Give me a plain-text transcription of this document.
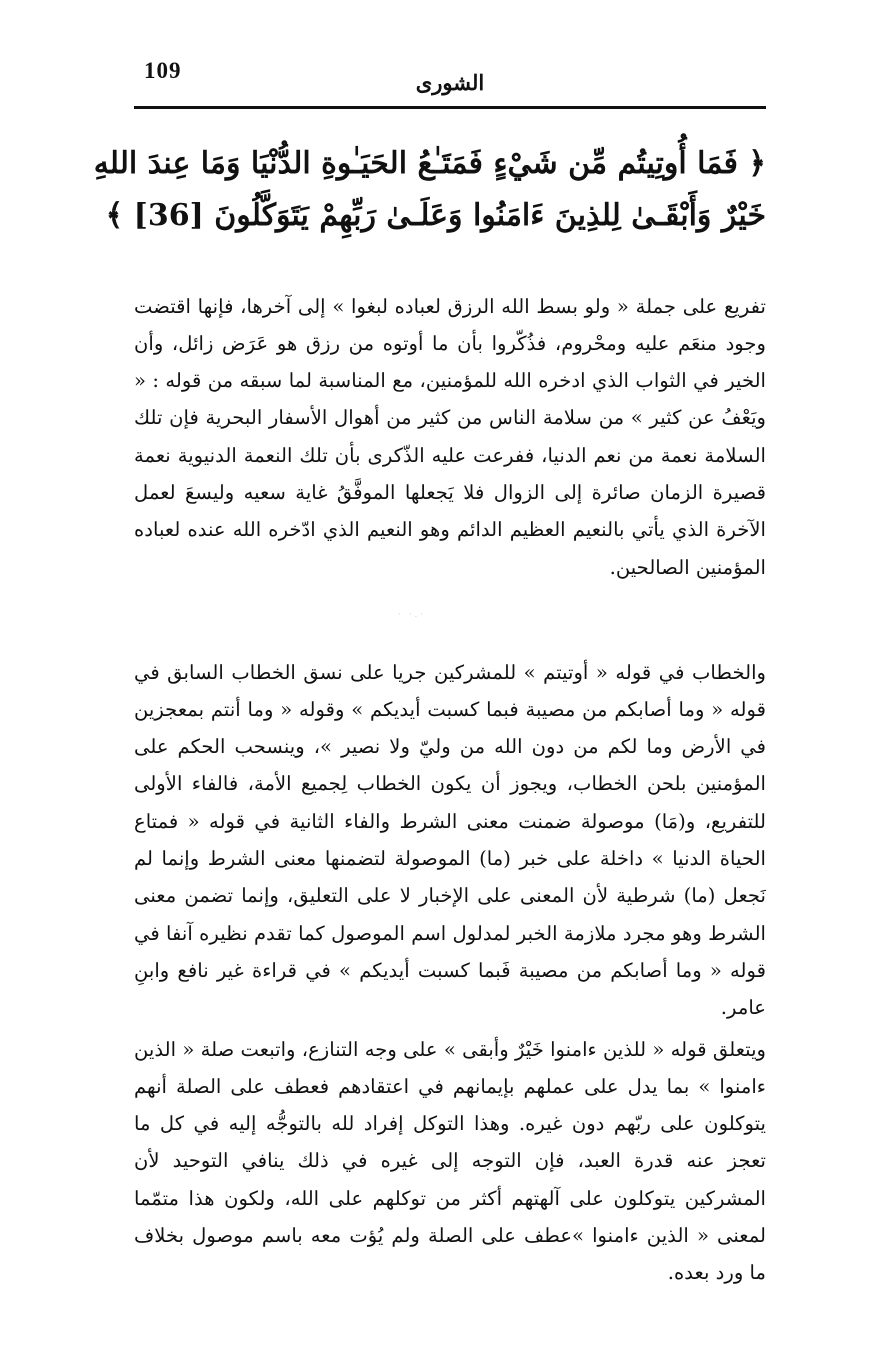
109	الشورى
﴿ فَمَا أُوتِيتُم مِّن شَيْءٍ فَمَتَـٰعُ الحَيَـٰوةِ الدُّنْيَا وَمَا عِندَ اللهِ
خَيْرٌ وَأَبْقَـىٰ لِلذِينَ ءَامَنُوا وَعَلَـىٰ رَبِّهِمْ يَتَوَكَّلُونَ [36] ﴾

تفريع على جملة « ولو بسط الله الرزق لعباده لبغوا » إلى آخرها، فإنها اقتضت وجود منعَم عليه ومحْروم، فذُكّروا بأن ما أوتوه من رزق هو عَرَض زائل، وأن الخير في الثواب الذي ادخره الله للمؤمنين، مع المناسبة لما سبقه من قوله : « ويَعْفُ عن كثير » من سلامة الناس من كثير من أهوال الأسفار البحرية فإن تلك السلامة نعمة من نعم الدنيا، ففرعت عليه الذّكرى بأن تلك النعمة الدنيوية نعمة قصيرة الزمان صائرة إلى الزوال فلا يَجعلها الموفَّقُ غاية سعيه وليسعَ لعمل الآخرة الذي يأتي بالنعيم العظيم الدائم وهو النعيم الذي ادّخره الله عنده لعباده المؤمنين الصالحين.

· ·.·

والخطاب في قوله « أوتيتم » للمشركين جريا على نسق الخطاب السابق في قوله « وما أصابكم من مصيبة فبما كسبت أيديكم » وقوله « وما أنتم بمعجزين في الأرض وما لكم من دون الله من وليّ ولا نصير »، وينسحب الحكم على المؤمنين بلحن الخطاب، ويجوز أن يكون الخطاب لِجميع الأمة، فالفاء الأولى للتفريع، و(مَا) موصولة ضمنت معنى الشرط والفاء الثانية في قوله « فمتاع الحياة الدنيا » داخلة على خبر (ما) الموصولة لتضمنها معنى الشرط وإنما لم نَجعل (ما) شرطية لأن المعنى على الإخبار لا على التعليق، وإنما تضمن معنى الشرط وهو مجرد ملازمة الخبر لمدلول اسم الموصول كما تقدم نظيره آنفا في قوله « وما أصابكم من مصيبة فَبما كسبت أيديكم » في قراءة غير نافع وابنِ عامر.

ويتعلق قوله « للذين ءامنوا خَيْرٌ وأبقى » على وجه التنازع، واتبعت صلة « الذين ءامنوا » بما يدل على عملهم بإيمانهم في اعتقادهم فعطف على الصلة أنهم يتوكلون على ربّهم دون غيره. وهذا التوكل إفراد لله بالتوجُّه إليه في كل ما تعجز عنه قدرة العبد، فإن التوجه إلى غيره في ذلك ينافي التوحيد لأن المشركين يتوكلون على آلهتهم أكثر من توكلهم على الله، ولكون هذا متمّما لمعنى « الذين ءامنوا »عطف على الصلة ولم يُؤت معه باسم موصول بخلاف ما ورد بعده.
